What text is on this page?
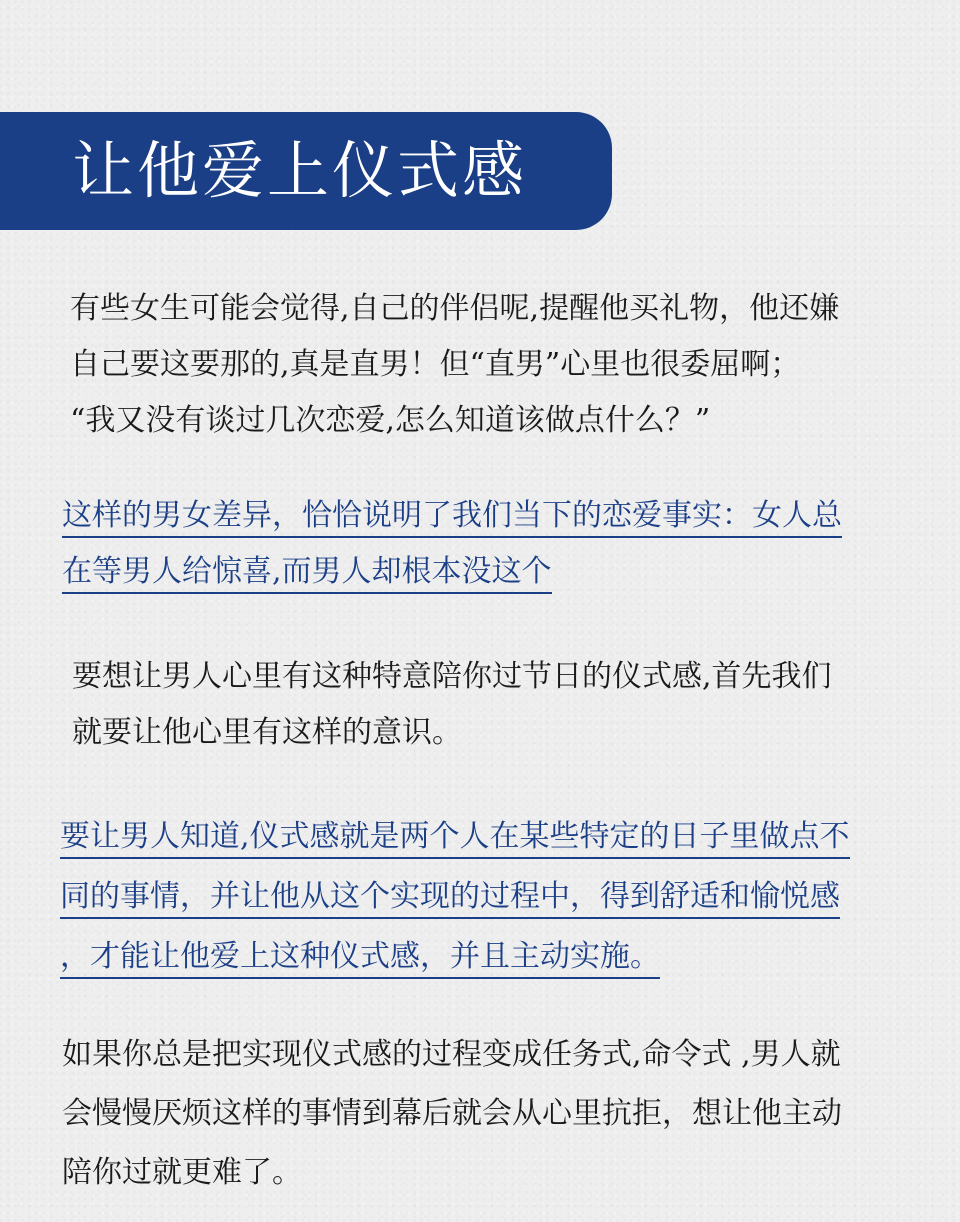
让他爱上仪式感
有些女生可能会觉得,自己的伴侣呢,提醒他买礼物，他还嫌
自己要这要那的,真是直男！但“直男”心里也很委屈啊；
“我又没有谈过几次恋爱,怎么知道该做点什么？”
这样的男女差异，恰恰说明了我们当下的恋爱事实：女人总
在等男人给惊喜,而男人却根本没这个
要想让男人心里有这种特意陪你过节日的仪式感,首先我们
就要让他心里有这样的意识。
要让男人知道,仪式感就是两个人在某些特定的日子里做点不
同的事情，并让他从这个实现的过程中，得到舒适和愉悦感
，才能让他爱上这种仪式感，并且主动实施。
如果你总是把实现仪式感的过程变成任务式,命令式 ,男人就
会慢慢厌烦这样的事情到幕后就会从心里抗拒，想让他主动
陪你过就更难了。
